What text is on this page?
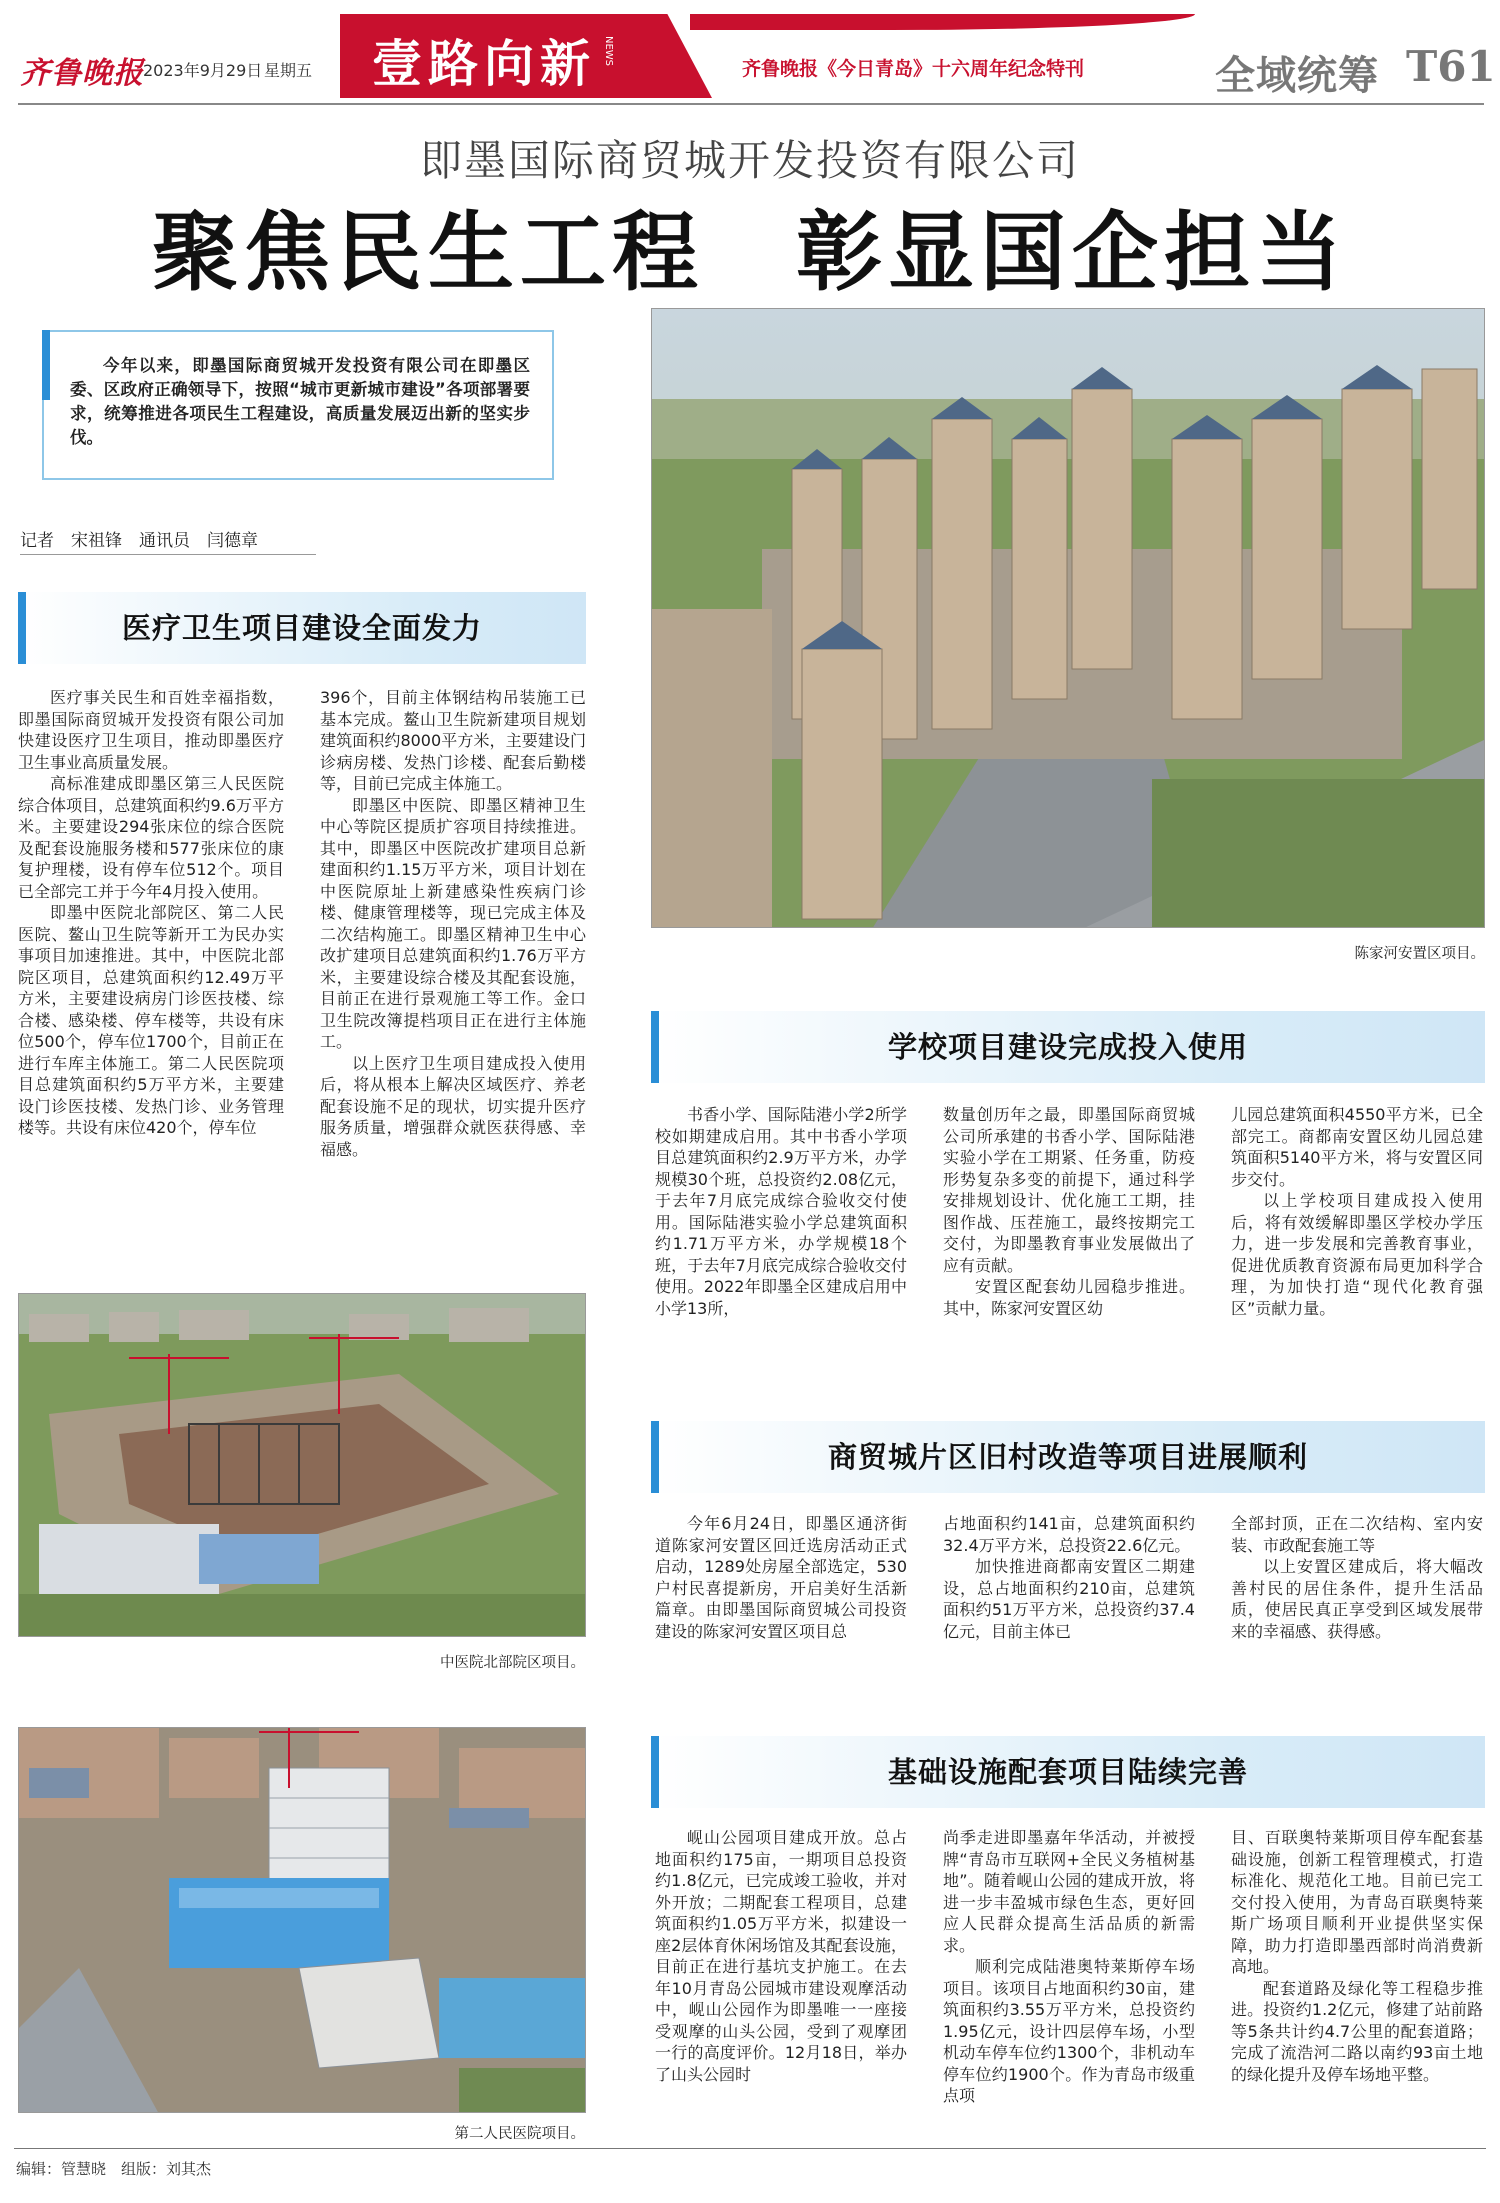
齐鲁晚报 2023年9月29日 星期五 壹路向新 NEWS
齐鲁晚报《今日青岛》十六周年纪念特刊	全域统筹 T61
即墨国际商贸城开发投资有限公司
聚焦民生工程　彰显国企担当

今年以来，即墨国际商贸城开发投资有限公司在即墨区委、区政府正确领导下，按照“城市更新城市建设”各项部署要求，统筹推进各项民生工程建设，高质量发展迈出新的坚实步伐。

记者　宋祖锋　通讯员　闫德章
陈家河安置区项目。
医疗卫生项目建设全面发力

医疗事关民生和百姓幸福指数，即墨国际商贸城开发投资有限公司加快建设医疗卫生项目，推动即墨医疗卫生事业高质量发展。

高标准建成即墨区第三人民医院综合体项目，总建筑面积约9.6万平方米。主要建设294张床位的综合医院及配套设施服务楼和577张床位的康复护理楼，设有停车位512个。项目已全部完工并于今年4月投入使用。

即墨中医院北部院区、第二人民医院、鳌山卫生院等新开工为民办实事项目加速推进。其中，中医院北部院区项目，总建筑面积约12.49万平方米，主要建设病房门诊医技楼、综合楼、感染楼、停车楼等，共设有床位500个，停车位1700个，目前正在进行车库主体施工。第二人民医院项目总建筑面积约5万平方米，主要建设门诊医技楼、发热门诊、业务管理楼等。共设有床位420个，停车位

396个，目前主体钢结构吊装施工已基本完成。鳌山卫生院新建项目规划建筑面积约8000平方米，主要建设门诊病房楼、发热门诊楼、配套后勤楼等，目前已完成主体施工。

即墨区中医院、即墨区精神卫生中心等院区提质扩容项目持续推进。其中，即墨区中医院改扩建项目总新建面积约1.15万平方米，项目计划在中医院原址上新建感染性疾病门诊楼、健康管理楼等，现已完成主体及二次结构施工。即墨区精神卫生中心改扩建项目总建筑面积约1.76万平方米，主要建设综合楼及其配套设施，目前正在进行景观施工等工作。金口卫生院改簿提档项目正在进行主体施工。

以上医疗卫生项目建成投入使用后，将从根本上解决区域医疗、养老配套设施不足的现状，切实提升医疗服务质量，增强群众就医获得感、幸福感。

中医院北部院区项目。
第二人民医院项目。
学校项目建设完成投入使用

书香小学、国际陆港小学2所学校如期建成启用。其中书香小学项目总建筑面积约2.9万平方米，办学规模30个班，总投资约2.08亿元，于去年7月底完成综合验收交付使用。国际陆港实验小学总建筑面积约1.71万平方米，办学规模18个班，于去年7月底完成综合验收交付使用。2022年即墨全区建成启用中小学13所，

数量创历年之最，即墨国际商贸城公司所承建的书香小学、国际陆港实验小学在工期紧、任务重，防疫形势复杂多变的前提下，通过科学安排规划设计、优化施工工期，挂图作战、压茬施工，最终按期完工交付，为即墨教育事业发展做出了应有贡献。

安置区配套幼儿园稳步推进。其中，陈家河安置区幼

儿园总建筑面积4550平方米，已全部完工。商都南安置区幼儿园总建筑面积5140平方米，将与安置区同步交付。

以上学校项目建成投入使用后，将有效缓解即墨区学校办学压力，进一步发展和完善教育事业，促进优质教育资源布局更加科学合理，为加快打造“现代化教育强区”贡献力量。

商贸城片区旧村改造等项目进展顺利

今年6月24日，即墨区通济街道陈家河安置区回迁选房活动正式启动，1289处房屋全部选定，530户村民喜提新房，开启美好生活新篇章。由即墨国际商贸城公司投资建设的陈家河安置区项目总

占地面积约141亩，总建筑面积约32.4万平方米，总投资22.6亿元。

加快推进商都南安置区二期建设，总占地面积约210亩，总建筑面积约51万平方米，总投资约37.4亿元，目前主体已

全部封顶，正在二次结构、室内安装、市政配套施工等

以上安置区建成后，将大幅改善村民的居住条件，提升生活品质，使居民真正享受到区域发展带来的幸福感、获得感。

基础设施配套项目陆续完善

岘山公园项目建成开放。总占地面积约175亩，一期项目总投资约1.8亿元，已完成竣工验收，并对外开放；二期配套工程项目，总建筑面积约1.05万平方米，拟建设一座2层体育休闲场馆及其配套设施，目前正在进行基坑支护施工。在去年10月青岛公园城市建设观摩活动中，岘山公园作为即墨唯一一座接受观摩的山头公园，受到了观摩团一行的高度评价。12月18日，举办了山头公园时

尚季走进即墨嘉年华活动，并被授牌“青岛市互联网+全民义务植树基地”。随着岘山公园的建成开放，将进一步丰盈城市绿色生态，更好回应人民群众提高生活品质的新需求。

顺利完成陆港奥特莱斯停车场项目。该项目占地面积约30亩，建筑面积约3.55万平方米，总投资约1.95亿元，设计四层停车场，小型机动车停车位约1300个，非机动车停车位约1900个。作为青岛市级重点项

目、百联奥特莱斯项目停车配套基础设施，创新工程管理模式，打造标准化、规范化工地。目前已完工交付投入使用，为青岛百联奥特莱斯广场项目顺利开业提供坚实保障，助力打造即墨西部时尚消费新高地。

配套道路及绿化等工程稳步推进。投资约1.2亿元，修建了站前路等5条共计约4.7公里的配套道路；完成了流浩河二路以南约93亩土地的绿化提升及停车场地平整。

编辑：管慧晓　组版：刘其杰
